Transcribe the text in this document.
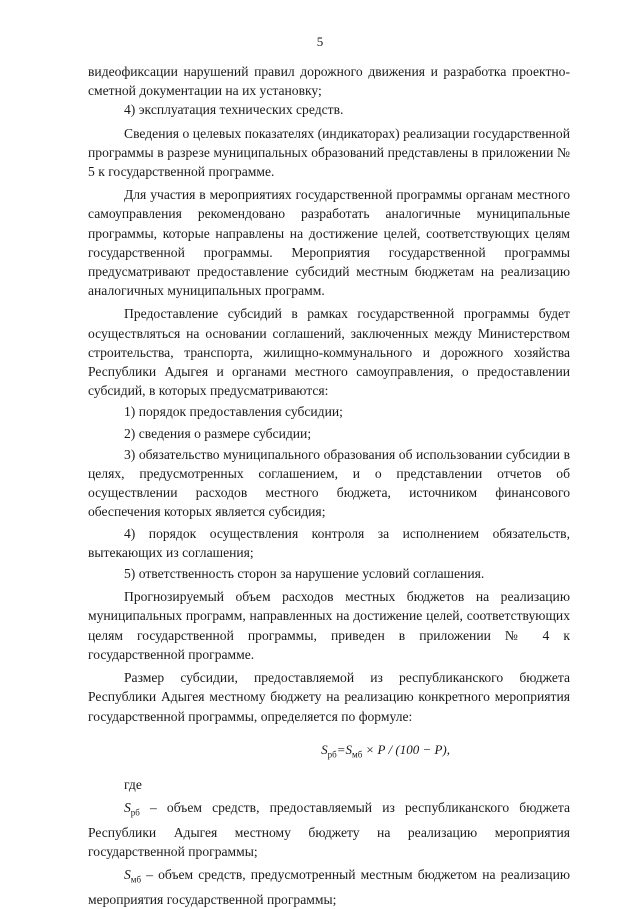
5

видеофиксации нарушений правил дорожного движения и разработка проектно-сметной документации на их установку;

4) эксплуатация технических средств.

Сведения о целевых показателях (индикаторах) реализации государственной программы в разрезе муниципальных образований представлены в приложении № 5 к государственной программе.

Для участия в мероприятиях государственной программы органам местного самоуправления рекомендовано разработать аналогичные муниципальные программы, которые направлены на достижение целей, соответствующих целям государственной программы. Мероприятия государственной программы предусматривают предоставление субсидий местным бюджетам на реализацию аналогичных муниципальных программ.

Предоставление субсидий в рамках государственной программы будет осуществляться на основании соглашений, заключенных между Министерством строительства, транспорта, жилищно-коммунального и дорожного хозяйства Республики Адыгея и органами местного самоуправления, о предоставлении субсидий, в которых предусматриваются:

1) порядок предоставления субсидии;

2) сведения о размере субсидии;

3) обязательство муниципального образования об использовании субсидии в целях, предусмотренных соглашением, и о представлении отчетов об осуществлении расходов местного бюджета, источником финансового обеспечения которых является субсидия;

4) порядок осуществления контроля за исполнением обязательств, вытекающих из соглашения;

5) ответственность сторон за нарушение условий соглашения.

Прогнозируемый объем расходов местных бюджетов на реализацию муниципальных программ, направленных на достижение целей, соответствующих целям государственной программы, приведен в приложении № 4 к государственной программе.

Размер субсидии, предоставляемой из республиканского бюджета Республики Адыгея местному бюджету на реализацию конкретного мероприятия государственной программы, определяется по формуле:

$S_{рб}=S_{мб} \times P / (100 - P)$,

где

$S_{рб}$ – объем средств, предоставляемый из республиканского бюджета Республики Адыгея местному бюджету на реализацию мероприятия государственной программы;

$S_{мб}$ – объем средств, предусмотренный местным бюджетом на реализацию мероприятия государственной программы;
